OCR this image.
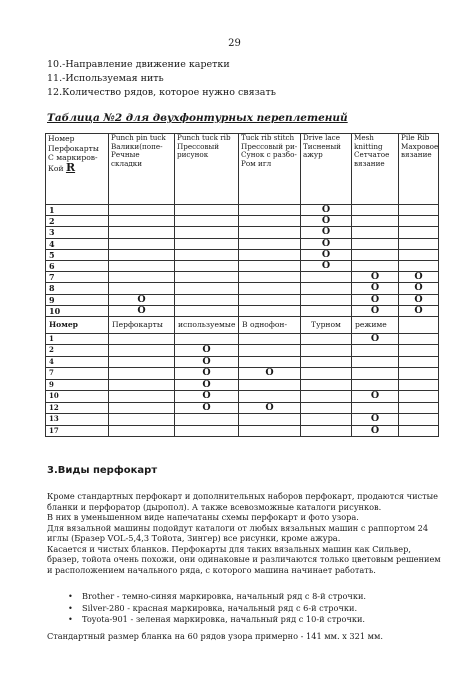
29
10.-Направление движение каретки
11.-Используемая нить
12.Количество рядов, которое нужно связать
Таблица №2 для двухфонтурных переплетений
Номер
Перфокарты
С маркиров-
Кой R	Punch pin tuck Валики(попе- Речные складки	Punch tuck rib Прессовый рисунок	Tuck rib stitch Прессовый ри- Сунок с разбо- Ром игл	Drive lace Тисненый ажур	Mesh knitting Сетчатое вязание	Pile Rib Махровое вязание
1				O		
2				O		
3				O		
4				O		
5				O		
6				O		
7					O	O
8					O	O
9	O				O	O
10	O				O	O
Номер	Перфокарты	используемые	В однофон-	Турном	режиме	
1					O	
2		O				
4		O				
7		O	O			
9		O				
10		O			O	
12		O	O			
13					O	
17					O	
3.Виды перфокарт
Кроме стандартных перфокарт и дополнительных наборов перфокарт, продаются чистые
бланки и перфоратор (дыропол). А также всевозможные каталоги рисунков.
В них в уменьшенном виде напечатаны схемы перфокарт и фото узора.
Для вязальной машины подойдут каталоги от любых вязальных машин с раппортом 24
иглы (Бразер VOL-5,4,3 Тойота, Зингер) все рисунки, кроме ажура.
Касается и чистых бланков. Перфокарты для таких вязальных машин как Сильвер,
бразер, тойота очень похожи, они одинаковые и различаются только цветовым решением
и расположением начального ряда, с которого машина начинает работать.
• Brother - темно-синяя маркировка, начальный ряд с 8-й строчки.
• Silver-280 - красная маркировка, начальный ряд с 6-й строчки.
• Toyota-901 - зеленая маркировка, начальный ряд с 10-й строчки.
Стандартный размер бланка на 60 рядов узора примерно - 141 мм. х 321 мм.
